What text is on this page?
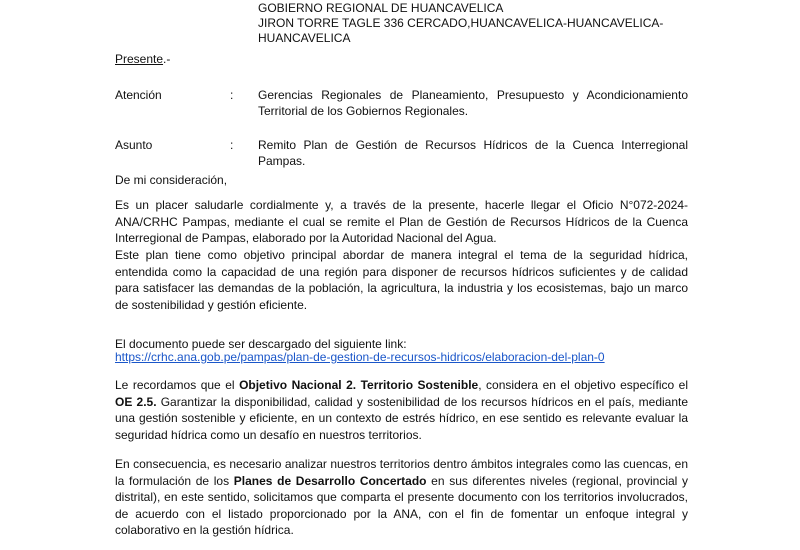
GOBIERNO REGIONAL DE HUANCAVELICA
JIRON TORRE TAGLE 336 CERCADO,HUANCAVELICA-HUANCAVELICA-
HUANCAVELICA
Presente.-
Atención	: Gerencias Regionales de Planeamiento, Presupuesto y Acondicionamiento Territorial de los Gobiernos Regionales.
Asunto	: Remito Plan de Gestión de Recursos Hídricos de la Cuenca Interregional Pampas.
De mi consideración,
Es un placer saludarle cordialmente y, a través de la presente, hacerle llegar el Oficio N°072-2024-ANA/CRHC Pampas, mediante el cual se remite el Plan de Gestión de Recursos Hídricos de la Cuenca Interregional de Pampas, elaborado por la Autoridad Nacional del Agua.
Este plan tiene como objetivo principal abordar de manera integral el tema de la seguridad hídrica, entendida como la capacidad de una región para disponer de recursos hídricos suficientes y de calidad para satisfacer las demandas de la población, la agricultura, la industria y los ecosistemas, bajo un marco de sostenibilidad y gestión eficiente.
El documento puede ser descargado del siguiente link:
https://crhc.ana.gob.pe/pampas/plan-de-gestion-de-recursos-hidricos/elaboracion-del-plan-0
Le recordamos que el Objetivo Nacional 2. Territorio Sostenible, considera en el objetivo específico el OE 2.5. Garantizar la disponibilidad, calidad y sostenibilidad de los recursos hídricos en el país, mediante una gestión sostenible y eficiente, en un contexto de estrés hídrico, en ese sentido es relevante evaluar la seguridad hídrica como un desafío en nuestros territorios.
En consecuencia, es necesario analizar nuestros territorios dentro ámbitos integrales como las cuencas, en la formulación de los Planes de Desarrollo Concertado en sus diferentes niveles (regional, provincial y distrital), en este sentido, solicitamos que comparta el presente documento con los territorios involucrados, de acuerdo con el listado proporcionado por la ANA, con el fin de fomentar un enfoque integral y colaborativo en la gestión hídrica.
